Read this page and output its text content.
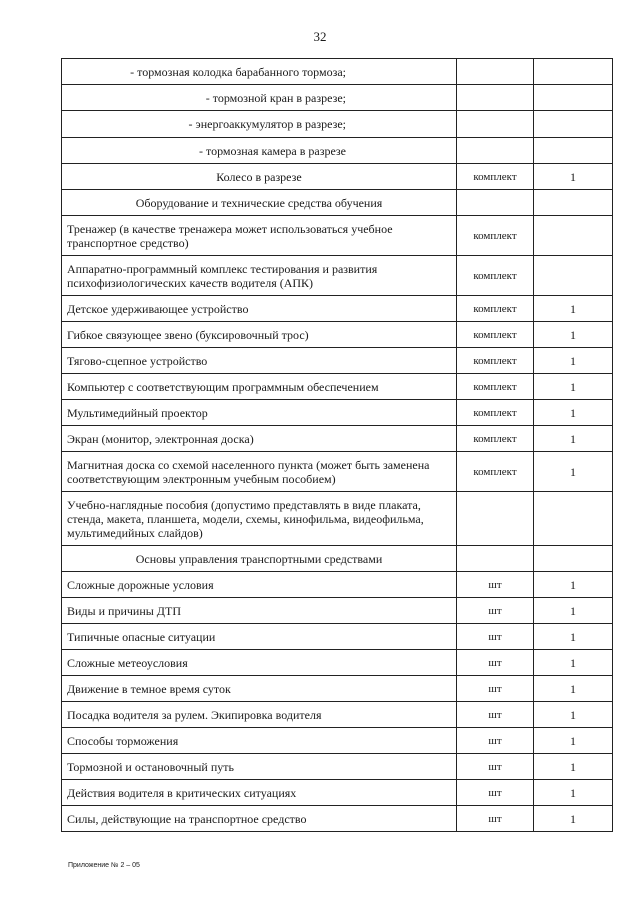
32
- тормозная колодка барабанного тормоза;		
- тормозной кран в разрезе;		
- энергоаккумулятор в разрезе;		
- тормозная камера в разрезе		
Колесо в разрезе	комплект	1
Оборудование и технические средства обучения		
Тренажер (в качестве тренажера может использоваться учебное транспортное средство)	комплект	
Аппаратно-программный комплекс тестирования и развития психофизиологических качеств водителя (АПК)	комплект	
Детское удерживающее устройство	комплект	1
Гибкое связующее звено (буксировочный трос)	комплект	1
Тягово-сцепное устройство	комплект	1
Компьютер с соответствующим программным обеспечением	комплект	1
Мультимедийный проектор	комплект	1
Экран (монитор, электронная доска)	комплект	1
Магнитная доска со схемой населенного пункта (может быть заменена соответствующим электронным учебным пособием)	комплект	1
Учебно-наглядные пособия (допустимо представлять в виде плаката, стенда, макета, планшета, модели, схемы, кинофильма, видеофильма, мультимедийных слайдов)		
Основы управления транспортными средствами		
Сложные дорожные условия	шт	1
Виды и причины ДТП	шт	1
Типичные опасные ситуации	шт	1
Сложные метеоусловия	шт	1
Движение в темное время суток	шт	1
Посадка водителя за рулем. Экипировка водителя	шт	1
Способы торможения	шт	1
Тормозной и остановочный путь	шт	1
Действия водителя в критических ситуациях	шт	1
Силы, действующие на транспортное средство	шт	1
Приложение № 2 – 05
